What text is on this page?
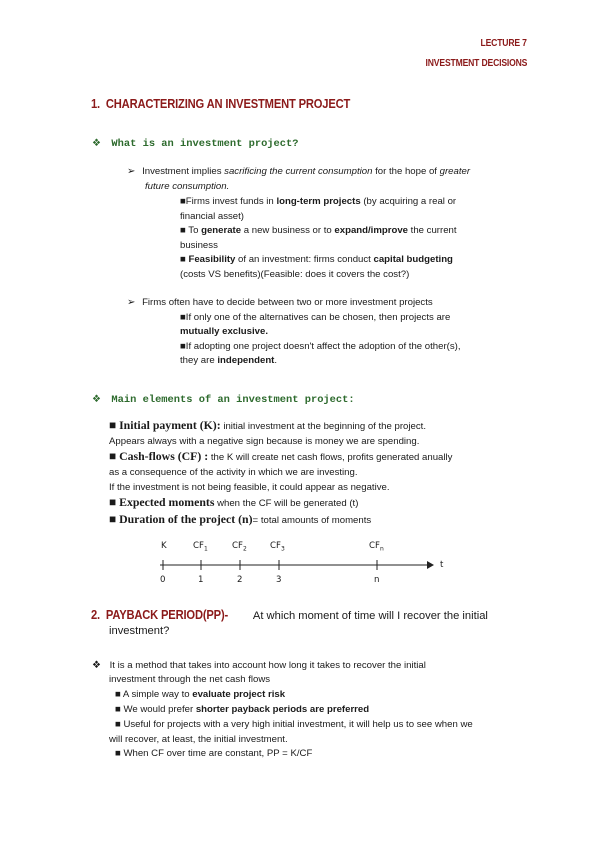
LECTURE 7
INVESTMENT DECISIONS
1. CHARACTERIZING AN INVESTMENT PROJECT
❖ What is an investment project?
➢ Investment implies sacrificing the current consumption for the hope of greater
future consumption.
■Firms invest funds in long-term projects (by acquiring a real or
financial asset)
■ To generate a new business or to expand/improve the current
business
■ Feasibility of an investment: firms conduct capital budgeting
(costs VS benefits)(Feasible: does it covers the cost?)
➢ Firms often have to decide between two or more investment projects
■If only one of the alternatives can be chosen, then projects are
mutually exclusive.
■If adopting one project doesn't affect the adoption of the other(s),
they are independent.
❖ Main elements of an investment project:
■ Initial payment (K): initial investment at the beginning of the project.
Appears always with a negative sign because is money we are spending.
■ Cash-flows (CF) : the K will create net cash flows, profits generated anually
as a consequence of the activity in which we are investing.
If the investment is not being feasible, it could appear as negative.
■ Expected moments when the CF will be generated (t)
■ Duration of the project (n)= total amounts of moments
K	$CF_1$	$CF_2$	$CF_3$	$CF_n$
t
0	1	2	3	n
2. PAYBACK PERIOD(PP)- At which moment of time will I recover the initial
investment?
❖ It is a method that takes into account how long it takes to recover the initial
investment through the net cash flows
■ A simple way to evaluate project risk
■ We would prefer shorter payback periods are preferred
■ Useful for projects with a very high initial investment, it will help us to see when we
will recover, at least, the initial investment.
■ When CF over time are constant, PP = K/CF
